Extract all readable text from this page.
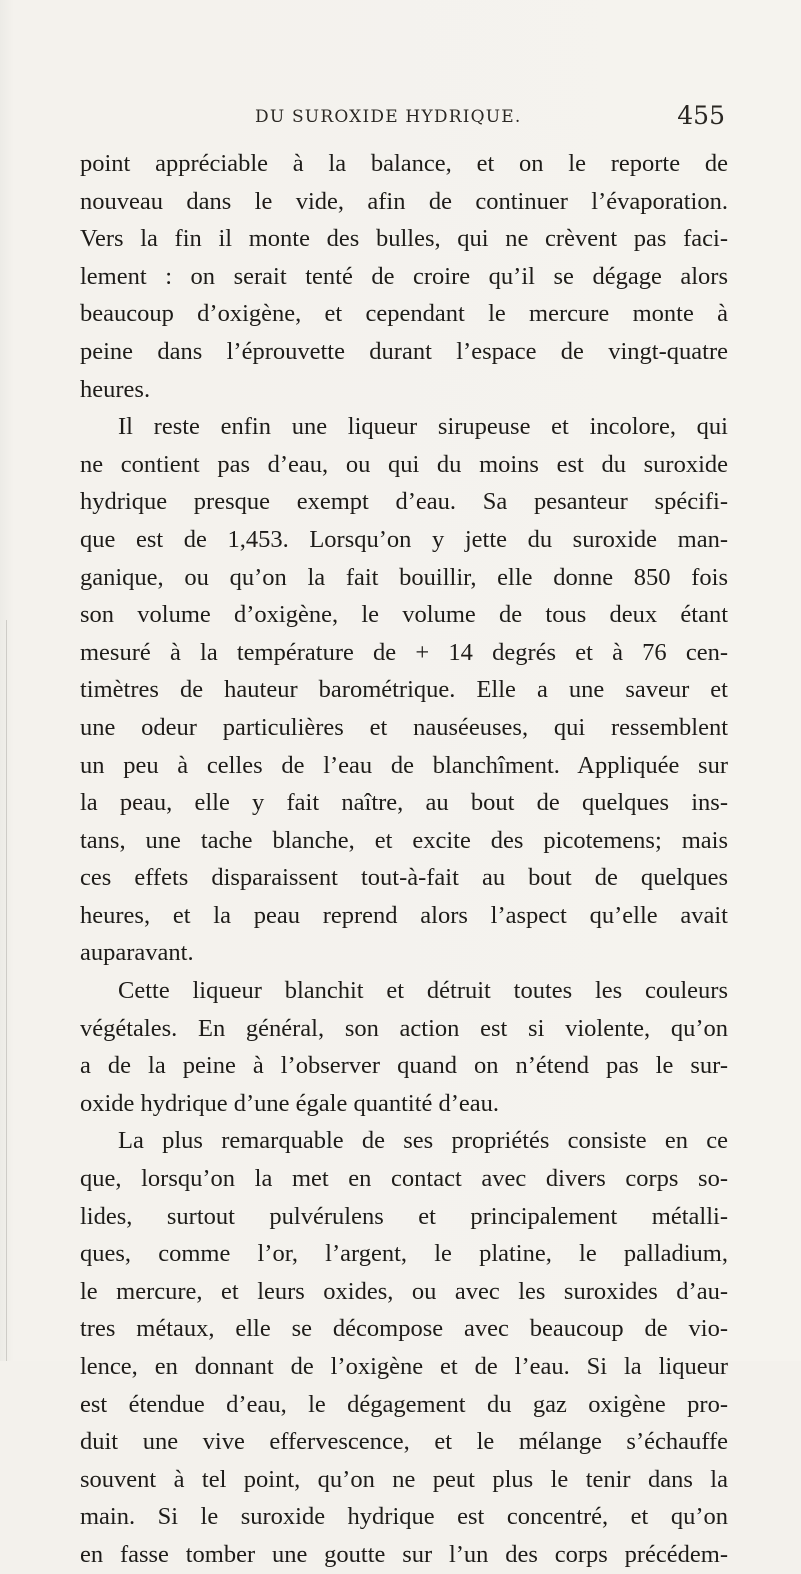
DU SUROXIDE HYDRIQUE.	455
point appréciable à la balance, et on le reporte de
nouveau dans le vide, afin de continuer l’évaporation.
Vers la fin il monte des bulles, qui ne crèvent pas faci-
lement : on serait tenté de croire qu’il se dégage alors
beaucoup d’oxigène, et cependant le mercure monte à
peine dans l’éprouvette durant l’espace de vingt-quatre
heures.
Il reste enfin une liqueur sirupeuse et incolore, qui
ne contient pas d’eau, ou qui du moins est du suroxide
hydrique presque exempt d’eau. Sa pesanteur spécifi-
que est de 1,453. Lorsqu’on y jette du suroxide man-
ganique, ou qu’on la fait bouillir, elle donne 850 fois
son volume d’oxigène, le volume de tous deux étant
mesuré à la température de + 14 degrés et à 76 cen-
timètres de hauteur barométrique. Elle a une saveur et
une odeur particulières et nauséeuses, qui ressemblent
un peu à celles de l’eau de blanchîment. Appliquée sur
la peau, elle y fait naître, au bout de quelques ins-
tans, une tache blanche, et excite des picotemens; mais
ces effets disparaissent tout-à-fait au bout de quelques
heures, et la peau reprend alors l’aspect qu’elle avait
auparavant.
Cette liqueur blanchit et détruit toutes les couleurs
végétales. En général, son action est si violente, qu’on
a de la peine à l’observer quand on n’étend pas le sur-
oxide hydrique d’une égale quantité d’eau.
La plus remarquable de ses propriétés consiste en ce
que, lorsqu’on la met en contact avec divers corps so-
lides, surtout pulvérulens et principalement métalli-
ques, comme l’or, l’argent, le platine, le palladium,
le mercure, et leurs oxides, ou avec les suroxides d’au-
tres métaux, elle se décompose avec beaucoup de vio-
lence, en donnant de l’oxigène et de l’eau. Si la liqueur
est étendue d’eau, le dégagement du gaz oxigène pro-
duit une vive effervescence, et le mélange s’échauffe
souvent à tel point, qu’on ne peut plus le tenir dans la
main. Si le suroxide hydrique est concentré, et qu’on
en fasse tomber une goutte sur l’un des corps précédem-
